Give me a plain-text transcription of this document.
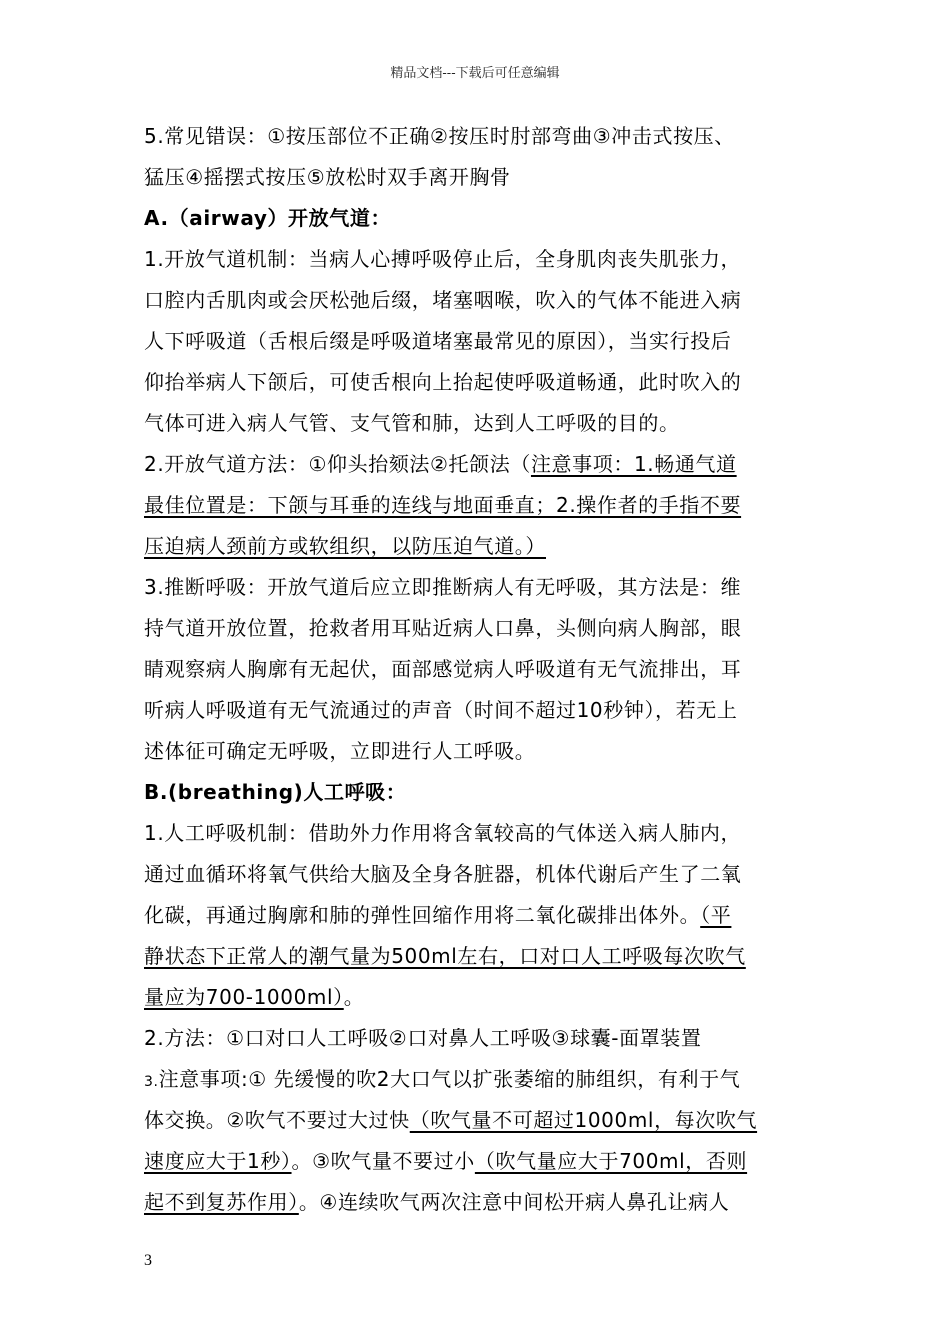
精品文档---下载后可任意编辑
5.常见错误：①按压部位不正确②按压时肘部弯曲③冲击式按压、
猛压④摇摆式按压⑤放松时双手离开胸骨
A.（airway）开放气道：
1.开放气道机制：当病人心搏呼吸停止后，全身肌肉丧失肌张力，
口腔内舌肌肉或会厌松弛后缀，堵塞咽喉，吹入的气体不能进入病
人下呼吸道（舌根后缀是呼吸道堵塞最常见的原因），当实行投后
仰抬举病人下颌后，可使舌根向上抬起使呼吸道畅通，此时吹入的
气体可进入病人气管、支气管和肺，达到人工呼吸的目的。
2.开放气道方法：①仰头抬颏法②托颌法（注意事项：1.畅通气道
最佳位置是：下颌与耳垂的连线与地面垂直；2.操作者的手指不要
压迫病人颈前方或软组织，以防压迫气道。）
3.推断呼吸：开放气道后应立即推断病人有无呼吸，其方法是：维
持气道开放位置，抢救者用耳贴近病人口鼻，头侧向病人胸部，眼
睛观察病人胸廓有无起伏，面部感觉病人呼吸道有无气流排出，耳
听病人呼吸道有无气流通过的声音（时间不超过10秒钟），若无上
述体征可确定无呼吸，立即进行人工呼吸。
B.(breathing)人工呼吸：
1.人工呼吸机制：借助外力作用将含氧较高的气体送入病人肺内，
通过血循环将氧气供给大脑及全身各脏器，机体代谢后产生了二氧
化碳，再通过胸廓和肺的弹性回缩作用将二氧化碳排出体外。（平
静状态下正常人的潮气量为500ml左右，口对口人工呼吸每次吹气
量应为700-1000ml）。
2.方法：①口对口人工呼吸②口对鼻人工呼吸③球囊-面罩装置
3.注意事项:① 先缓慢的吹2大口气以扩张萎缩的肺组织，有利于气
体交换。②吹气不要过大过快（吹气量不可超过1000ml，每次吹气
速度应大于1秒）。③吹气量不要过小（吹气量应大于700ml，否则
起不到复苏作用）。④连续吹气两次注意中间松开病人鼻孔让病人
3
